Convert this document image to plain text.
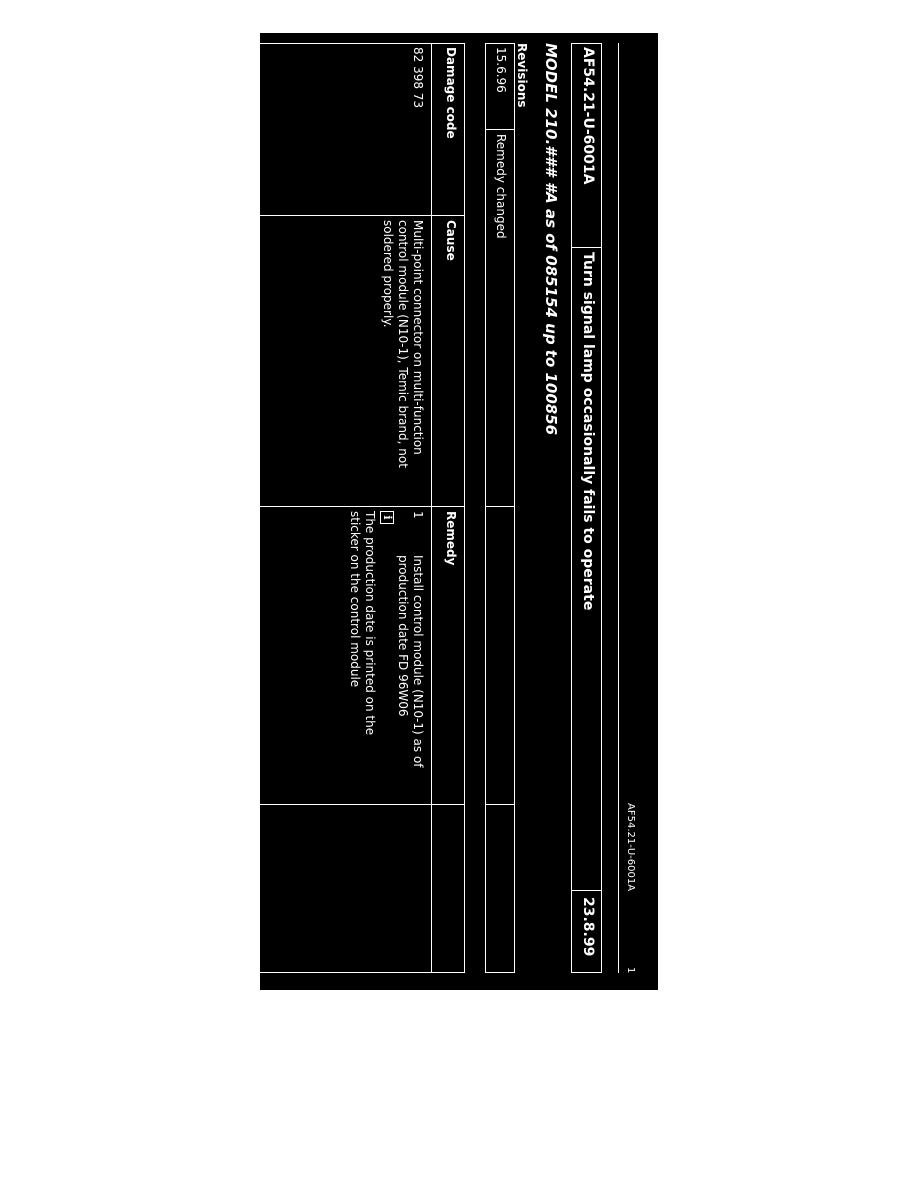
AF54.21-U-6001A
1
AF54.21-U-6001A
Turn signal lamp occasionally fails to operate
23.8.99
MODEL 210.### #A as of 085154 up to 100856
Revisions
15.6.96
Remedy changed
Damage code
Cause
Remedy
82 398 73
Multi-point connector on multi-function
control module (N10-1), Temic brand, not
soldered properly.
1
Install control module (N10-1) as of
production date FD 96W06
i
The production date is printed on the
sticker on the control module
